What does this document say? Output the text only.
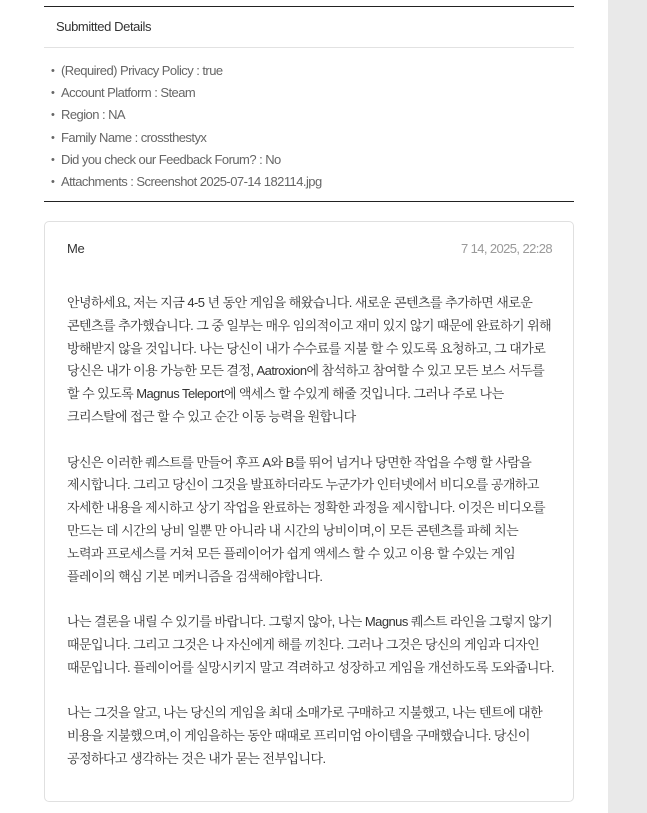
Submitted Details
• (Required) Privacy Policy : true
• Account Platform : Steam
• Region : NA
• Family Name : crossthestyx
• Did you check our Feedback Forum? : No
• Attachments : Screenshot 2025-07-14 182114.jpg
Me	7 14, 2025, 22:28

안녕하세요, 저는 지금 4-5 년 동안 게임을 해왔습니다. 새로운 콘텐츠를 추가하면 새로운 콘텐츠를 추가했습니다. 그 중 일부는 매우 임의적이고 재미 있지 않기 때문에 완료하기 위해 방해받지 않을 것입니다. 나는 당신이 내가 수수료를 지불 할 수 있도록 요청하고, 그 대가로 당신은 내가 이용 가능한 모든 결정, Aatroxion에 참석하고 참여할 수 있고 모든 보스 서두를 할 수 있도록 Magnus Teleport에 액세스 할 수있게 해줄 것입니다. 그러나 주로 나는 크리스탈에 접근 할 수 있고 순간 이동 능력을 원합니다

당신은 이러한 퀘스트를 만들어 후프 A와 B를 뛰어 넘거나 당면한 작업을 수행 할 사람을 제시합니다. 그리고 당신이 그것을 발표하더라도 누군가가 인터넷에서 비디오를 공개하고 자세한 내용을 제시하고 상기 작업을 완료하는 정확한 과정을 제시합니다. 이것은 비디오를 만드는 데 시간의 낭비 일뿐 만 아니라 내 시간의 낭비이며,이 모든 콘텐츠를 파헤 치는 노력과 프로세스를 거쳐 모든 플레이어가 쉽게 액세스 할 수 있고 이용 할 수있는 게임 플레이의 핵심 기본 메커니즘을 검색해야합니다.

나는 결론을 내릴 수 있기를 바랍니다. 그렇지 않아, 나는 Magnus 퀘스트 라인을 그렇지 않기 때문입니다. 그리고 그것은 나 자신에게 해를 끼친다. 그러나 그것은 당신의 게임과 디자인 때문입니다. 플레이어를 실망시키지 말고 격려하고 성장하고 게임을 개선하도록 도와줍니다.

나는 그것을 알고, 나는 당신의 게임을 최대 소매가로 구매하고 지불했고, 나는 텐트에 대한 비용을 지불했으며,이 게임을하는 동안 때때로 프리미엄 아이템을 구매했습니다. 당신이 공정하다고 생각하는 것은 내가 묻는 전부입니다.
